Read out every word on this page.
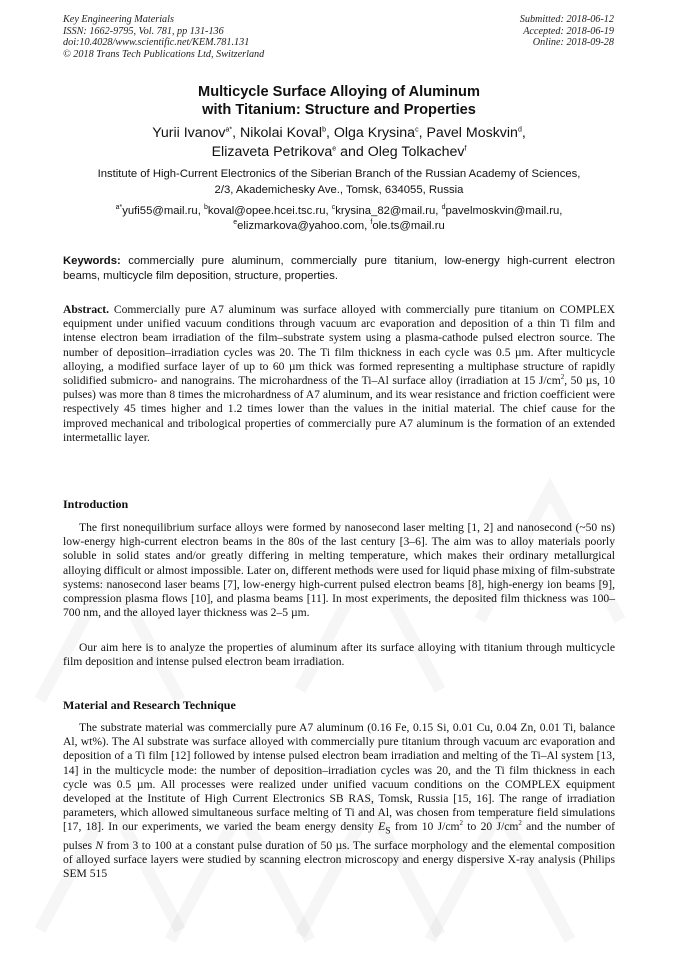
Key Engineering Materials
ISSN: 1662-9795, Vol. 781, pp 131-136
doi:10.4028/www.scientific.net/KEM.781.131
© 2018 Trans Tech Publications Ltd, Switzerland
Submitted: 2018-06-12
Accepted: 2018-06-19
Online: 2018-09-28
Multicycle Surface Alloying of Aluminum
with Titanium: Structure and Properties
Yurii Ivanov$^{a*}$, Nikolai Koval$^b$, Olga Krysina$^c$, Pavel Moskvin$^d$,
Elizaveta Petrikova$^e$ and Oleg Tolkachev$^f$
Institute of High-Current Electronics of the Siberian Branch of the Russian Academy of Sciences,
2/3, Akademichesky Ave., Tomsk, 634055, Russia
$^{a*}$yufi55@mail.ru, $^b$koval@opee.hcei.tsc.ru, $^c$krysina_82@mail.ru, $^d$pavelmoskvin@mail.ru,
$^e$elizmarkova@yahoo.com, $^f$ole.ts@mail.ru
Keywords: commercially pure aluminum, commercially pure titanium, low-energy high-current electron beams, multicycle film deposition, structure, properties.
Abstract. Commercially pure A7 aluminum was surface alloyed with commercially pure titanium on COMPLEX equipment under unified vacuum conditions through vacuum arc evaporation and deposition of a thin Ti film and intense electron beam irradiation of the film–substrate system using a plasma-cathode pulsed electron source. The number of deposition–irradiation cycles was 20. The Ti film thickness in each cycle was 0.5 µm. After multicycle alloying, a modified surface layer of up to 60 µm thick was formed representing a multiphase structure of rapidly solidified submicro- and nanograins. The microhardness of the Ti–Al surface alloy (irradiation at 15 $J/cm^2$, 50 µs, 10 pulses) was more than 8 times the microhardness of A7 aluminum, and its wear resistance and friction coefficient were respectively 45 times higher and 1.2 times lower than the values in the initial material. The chief cause for the improved mechanical and tribological properties of commercially pure A7 aluminum is the formation of an extended intermetallic layer.
Introduction
The first nonequilibrium surface alloys were formed by nanosecond laser melting [1, 2] and nanosecond (~50 ns) low-energy high-current electron beams in the 80s of the last century [3–6]. The aim was to alloy materials poorly soluble in solid states and/or greatly differing in melting temperature, which makes their ordinary metallurgical alloying difficult or almost impossible. Later on, different methods were used for liquid phase mixing of film-substrate systems: nanosecond laser beams [7], low-energy high-current pulsed electron beams [8], high-energy ion beams [9], compression plasma flows [10], and plasma beams [11]. In most experiments, the deposited film thickness was 100–700 nm, and the alloyed layer thickness was 2–5 µm.
Our aim here is to analyze the properties of aluminum after its surface alloying with titanium through multicycle film deposition and intense pulsed electron beam irradiation.
Material and Research Technique
The substrate material was commercially pure A7 aluminum (0.16 Fe, 0.15 Si, 0.01 Cu, 0.04 Zn, 0.01 Ti, balance Al, wt%). The Al substrate was surface alloyed with commercially pure titanium through vacuum arc evaporation and deposition of a Ti film [12] followed by intense pulsed electron beam irradiation and melting of the Ti–Al system [13, 14] in the multicycle mode: the number of deposition–irradiation cycles was 20, and the Ti film thickness in each cycle was 0.5 µm. All processes were realized under unified vacuum conditions on the COMPLEX equipment developed at the Institute of High Current Electronics SB RAS, Tomsk, Russia [15, 16]. The range of irradiation parameters, which allowed simultaneous surface melting of Ti and Al, was chosen from temperature field simulations [17, 18]. In our experiments, we varied the beam energy density $E_S$ from 10 $J/cm^2$ to 20 $J/cm^2$ and the number of pulses N from 3 to 100 at a constant pulse duration of 50 µs. The surface morphology and the elemental composition of alloyed surface layers were studied by scanning electron microscopy and energy dispersive X-ray analysis (Philips SEM 515
